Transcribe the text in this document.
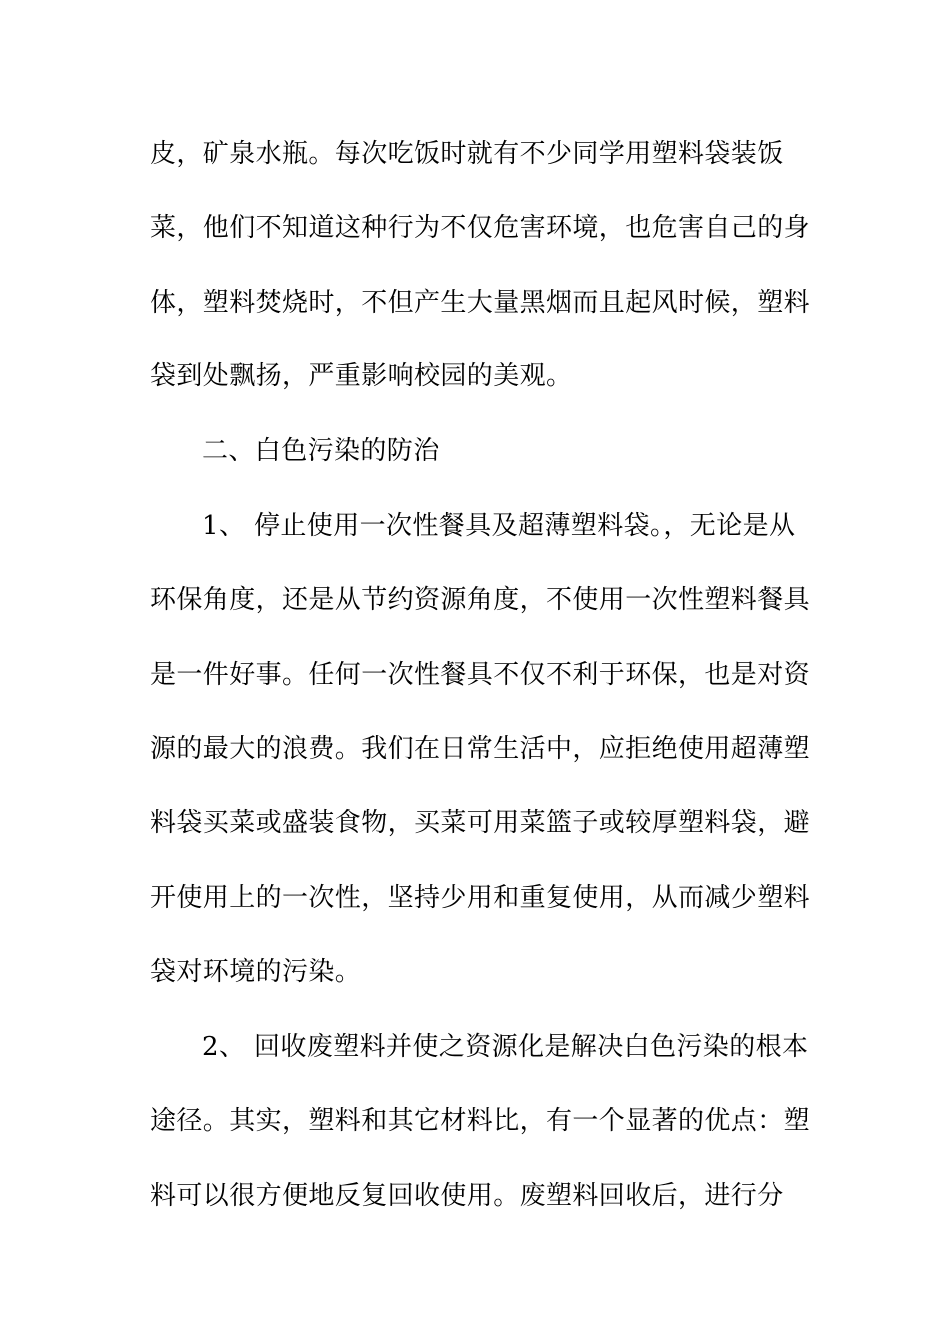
皮，矿泉水瓶。每次吃饭时就有不少同学用塑料袋装饭
菜，他们不知道这种行为不仅危害环境，也危害自己的身
体，塑料焚烧时，不但产生大量黑烟而且起风时候，塑料
袋到处飘扬，严重影响校园的美观。
二、白色污染的防治
1、 停止使用一次性餐具及超薄塑料袋。，无论是从
环保角度，还是从节约资源角度，不使用一次性塑料餐具
是一件好事。任何一次性餐具不仅不利于环保，也是对资
源的最大的浪费。我们在日常生活中，应拒绝使用超薄塑
料袋买菜或盛装食物，买菜可用菜篮子或较厚塑料袋，避
开使用上的一次性，坚持少用和重复使用，从而减少塑料
袋对环境的污染。
2、 回收废塑料并使之资源化是解决白色污染的根本
途径。其实，塑料和其它材料比，有一个显著的优点：塑
料可以很方便地反复回收使用。废塑料回收后，进行分
